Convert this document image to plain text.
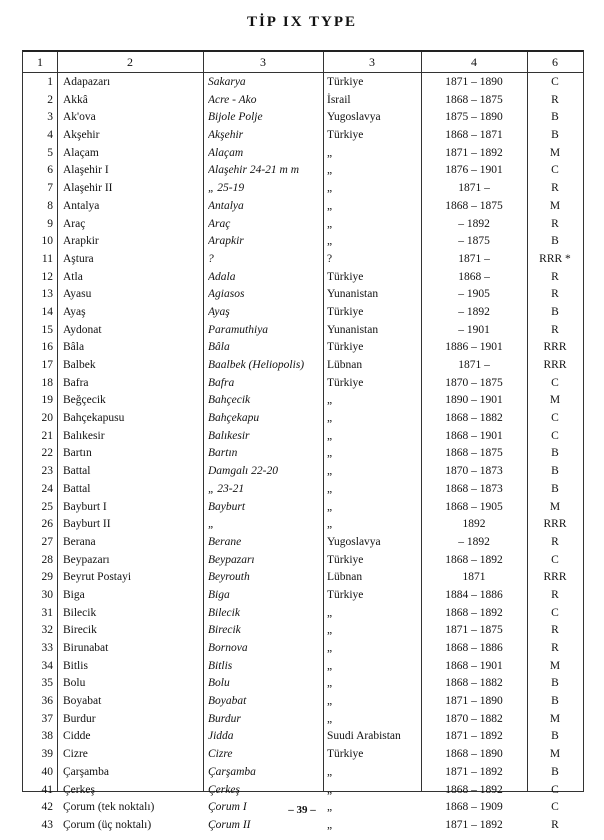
TİP IX TYPE
1	2	3	3	4	6
1 Adapazarı	Sakarya	Türkiye	1871 – 1890	C
2 Akkâ	Acre - Ako	İsrail	1868 – 1875	R
3 Ak'ova	Bijole Polje	Yugoslavya	1875 – 1890	B
4 Akşehir	Akşehir	Türkiye	1868 – 1871	B
5 Alaçam	Alaçam	„	1871 – 1892	M
6 Alaşehir I	Alaşehir 24-21 m m	„	1876 – 1901	C
7 Alaşehir II	„ 25-19	„	1871 –	R
8 Antalya	Antalya	„	1868 – 1875	M
9 Araç	Araç	„	– 1892	R
10 Arapkir	Arapkir	„	– 1875	B
11 Aştura	?	?	1871 –	RRR *
12 Atla	Adala	Türkiye	1868 –	R
13 Ayasu	Agiasos	Yunanistan	– 1905	R
14 Ayaş	Ayaş	Türkiye	– 1892	B
15 Aydonat	Paramuthiya	Yunanistan	– 1901	R
16 Bâla	Bâla	Türkiye	1886 – 1901	RRR
17 Balbek	Baalbek (Heliopolis)	Lübnan	1871 –	RRR
18 Bafra	Bafra	Türkiye	1870 – 1875	C
19 Beğçecik	Bahçecik	„	1890 – 1901	M
20 Bahçekapusu	Bahçekapu	„	1868 – 1882	C
21 Balıkesir	Balıkesir	„	1868 – 1901	C
22 Bartın	Bartın	„	1868 – 1875	B
23 Battal	Damgalı 22-20	„	1870 – 1873	B
24 Battal	„ 23-21	„	1868 – 1873	B
25 Bayburt I	Bayburt	„	1868 – 1905	M
26 Bayburt II	„	„	1892	RRR
27 Berana	Berane	Yugoslavya	– 1892	R
28 Beypazarı	Beypazarı	Türkiye	1868 – 1892	C
29 Beyrut Postayi	Beyrouth	Lübnan	1871	RRR
30 Biga	Biga	Türkiye	1884 – 1886	R
31 Bilecik	Bilecik	„	1868 – 1892	C
32 Birecik	Birecik	„	1871 – 1875	R
33 Birunabat	Bornova	„	1868 – 1886	R
34 Bitlis	Bitlis	„	1868 – 1901	M
35 Bolu	Bolu	„	1868 – 1882	B
36 Boyabat	Boyabat	„	1871 – 1890	B
37 Burdur	Burdur	„	1870 – 1882	M
38 Cidde	Jidda	Suudi Arabistan	1871 – 1892	B
39 Cizre	Cizre	Türkiye	1868 – 1890	M
40 Çarşamba	Çarşamba	„	1871 – 1892	B
41 Çerkeş	Çerkeş	„	1868 – 1892	C
42 Çorum (tek noktalı)	Çorum I	„	1868 – 1909	C
43 Çorum (üç noktalı)	Çorum II	„	1871 – 1892	R
– 39 –
